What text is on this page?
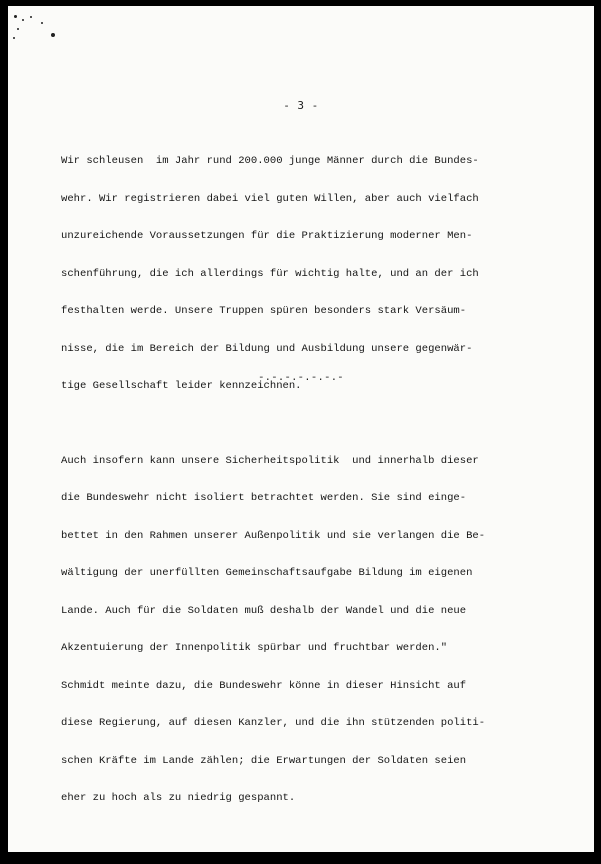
- 3 -

Wir schleusen  im Jahr rund 200.000 junge Männer durch die Bundes-

wehr. Wir registrieren dabei viel guten Willen, aber auch vielfach

unzureichende Voraussetzungen für die Praktizierung moderner Men-

schenführung, die ich allerdings für wichtig halte, und an der ich

festhalten werde. Unsere Truppen spüren besonders stark Versäum-

nisse, die im Bereich der Bildung und Ausbildung unsere gegenwär-

tige Gesellschaft leider kennzeichnen.

Auch insofern kann unsere Sicherheitspolitik  und innerhalb dieser

die Bundeswehr nicht isoliert betrachtet werden. Sie sind einge-

bettet in den Rahmen unserer Außenpolitik und sie verlangen die Be-

wältigung der unerfüllten Gemeinschaftsaufgabe Bildung im eigenen

Lande. Auch für die Soldaten muß deshalb der Wandel und die neue

Akzentuierung der Innenpolitik spürbar und fruchtbar werden."

Schmidt meinte dazu, die Bundeswehr könne in dieser Hinsicht auf

diese Regierung, auf diesen Kanzler, und die ihn stützenden politi-

schen Kräfte im Lande zählen; die Erwartungen der Soldaten seien

eher zu hoch als zu niedrig gespannt.

-.-.-.-.-.-.-
